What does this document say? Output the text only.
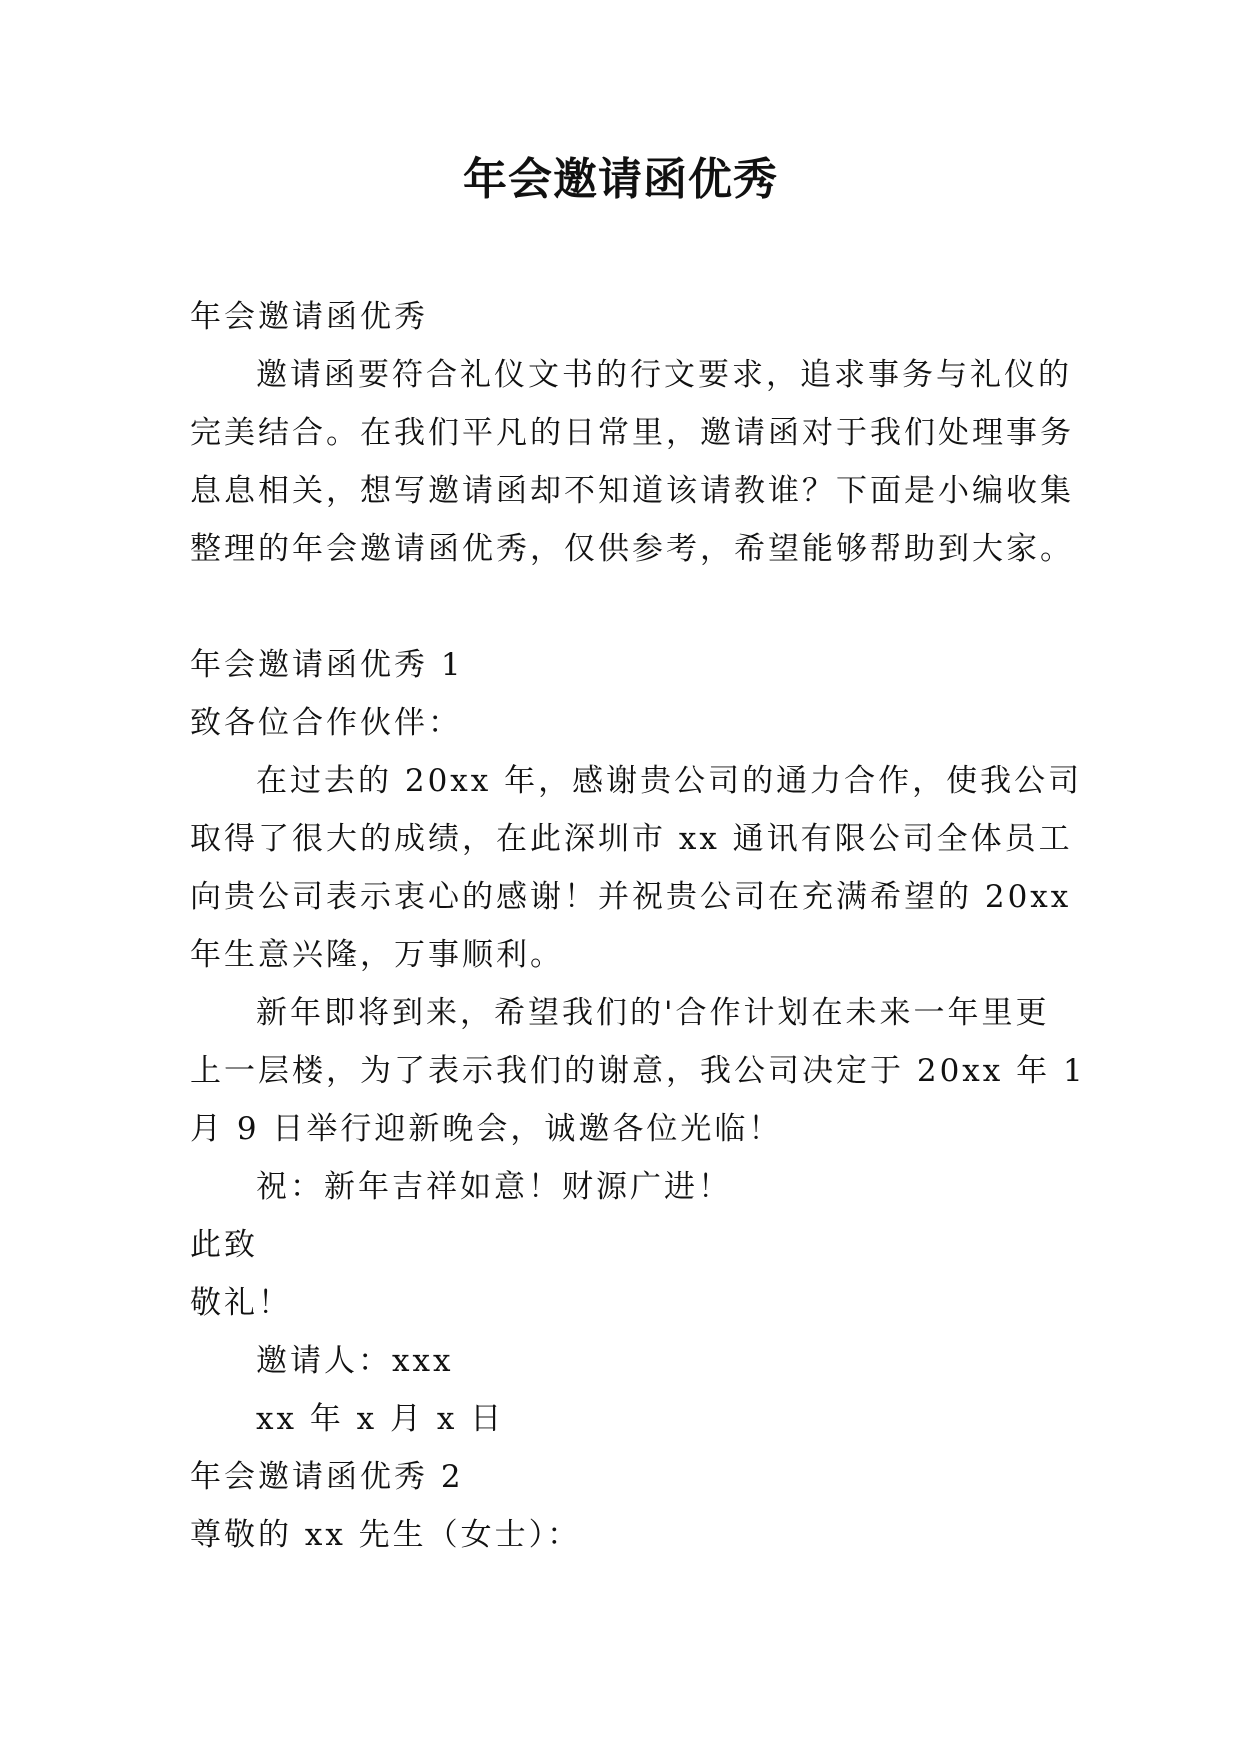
年会邀请函优秀

年会邀请函优秀

邀请函要符合礼仪文书的行文要求，追求事务与礼仪的

完美结合。在我们平凡的日常里，邀请函对于我们处理事务

息息相关，想写邀请函却不知道该请教谁？下面是小编收集

整理的年会邀请函优秀，仅供参考，希望能够帮助到大家。

年会邀请函优秀 1

致各位合作伙伴：

在过去的 20xx 年，感谢贵公司的通力合作，使我公司

取得了很大的成绩，在此深圳市 xx 通讯有限公司全体员工

向贵公司表示衷心的感谢！并祝贵公司在充满希望的 20xx

年生意兴隆，万事顺利。

新年即将到来，希望我们的'合作计划在未来一年里更

上一层楼，为了表示我们的谢意，我公司决定于 20xx 年 1

月 9 日举行迎新晚会，诚邀各位光临！

祝：新年吉祥如意！财源广进！

此致

敬礼！

邀请人：xxx

xx 年 x 月 x 日

年会邀请函优秀 2

尊敬的 xx 先生（女士）：
